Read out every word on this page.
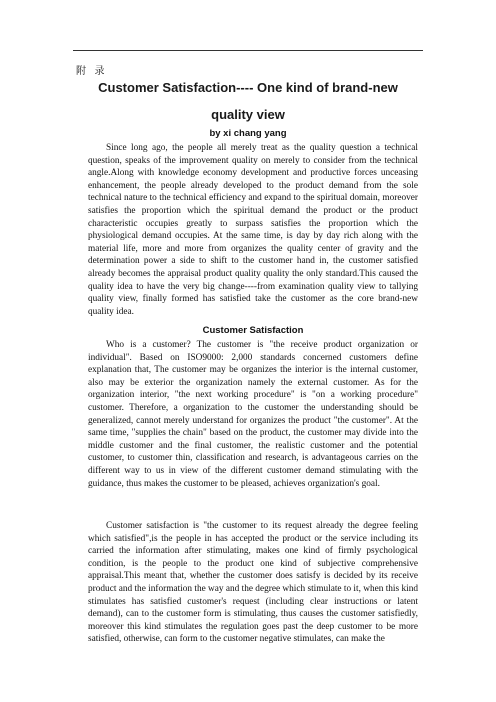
附 录
Customer Satisfaction---- One kind of brand-new
quality view
by xi chang yang

Since long ago, the people all merely treat as the quality question a technical question, speaks of the improvement quality on merely to consider from the technical angle.Along with knowledge economy development and productive forces unceasing enhancement, the people already developed to the product demand from the sole technical nature to the technical efficiency and expand to the spiritual domain, moreover satisfies the proportion which the spiritual demand the product or the product characteristic occupies greatly to surpass satisfies the proportion which the physiological demand occupies. At the same time, is day by day rich along with the material life, more and more from organizes the quality center of gravity and the determination power a side to shift to the customer hand in, the customer satisfied already becomes the appraisal product quality quality the only standard.This caused the quality idea to have the very big change----from examination quality view to tallying quality view, finally formed has satisfied take the customer as the core brand-new quality idea.

Customer Satisfaction

Who is a customer? The customer is "the receive product organization or individual". Based on ISO9000: 2,000 standards concerned customers define explanation that, The customer may be organizes the interior is the internal customer, also may be exterior the organization namely the external customer. As for the organization interior, "the next working procedure" is "on a working procedure" customer. Therefore, a organization to the customer the understanding should be generalized, cannot merely understand for organizes the product "the customer". At the same time, "supplies the chain" based on the product, the customer may divide into the middle customer and the final customer, the realistic customer and the potential customer, to customer thin, classification and research, is advantageous carries on the different way to us in view of the different customer demand stimulating with the guidance, thus makes the customer to be pleased, achieves organization's goal.

Customer satisfaction is "the customer to its request already the degree feeling which satisfied",is the people in has accepted the product or the service including its carried the information after stimulating, makes one kind of firmly psychological condition, is the people to the product one kind of subjective comprehensive appraisal.This meant that, whether the customer does satisfy is decided by its receive product and the information the way and the degree which stimulate to it, when this kind stimulates has satisfied customer's request (including clear instructions or latent demand), can to the customer form is stimulating, thus causes the customer satisfiedly, moreover this kind stimulates the regulation goes past the deep customer to be more satisfied, otherwise, can form to the customer negative stimulates, can make the
